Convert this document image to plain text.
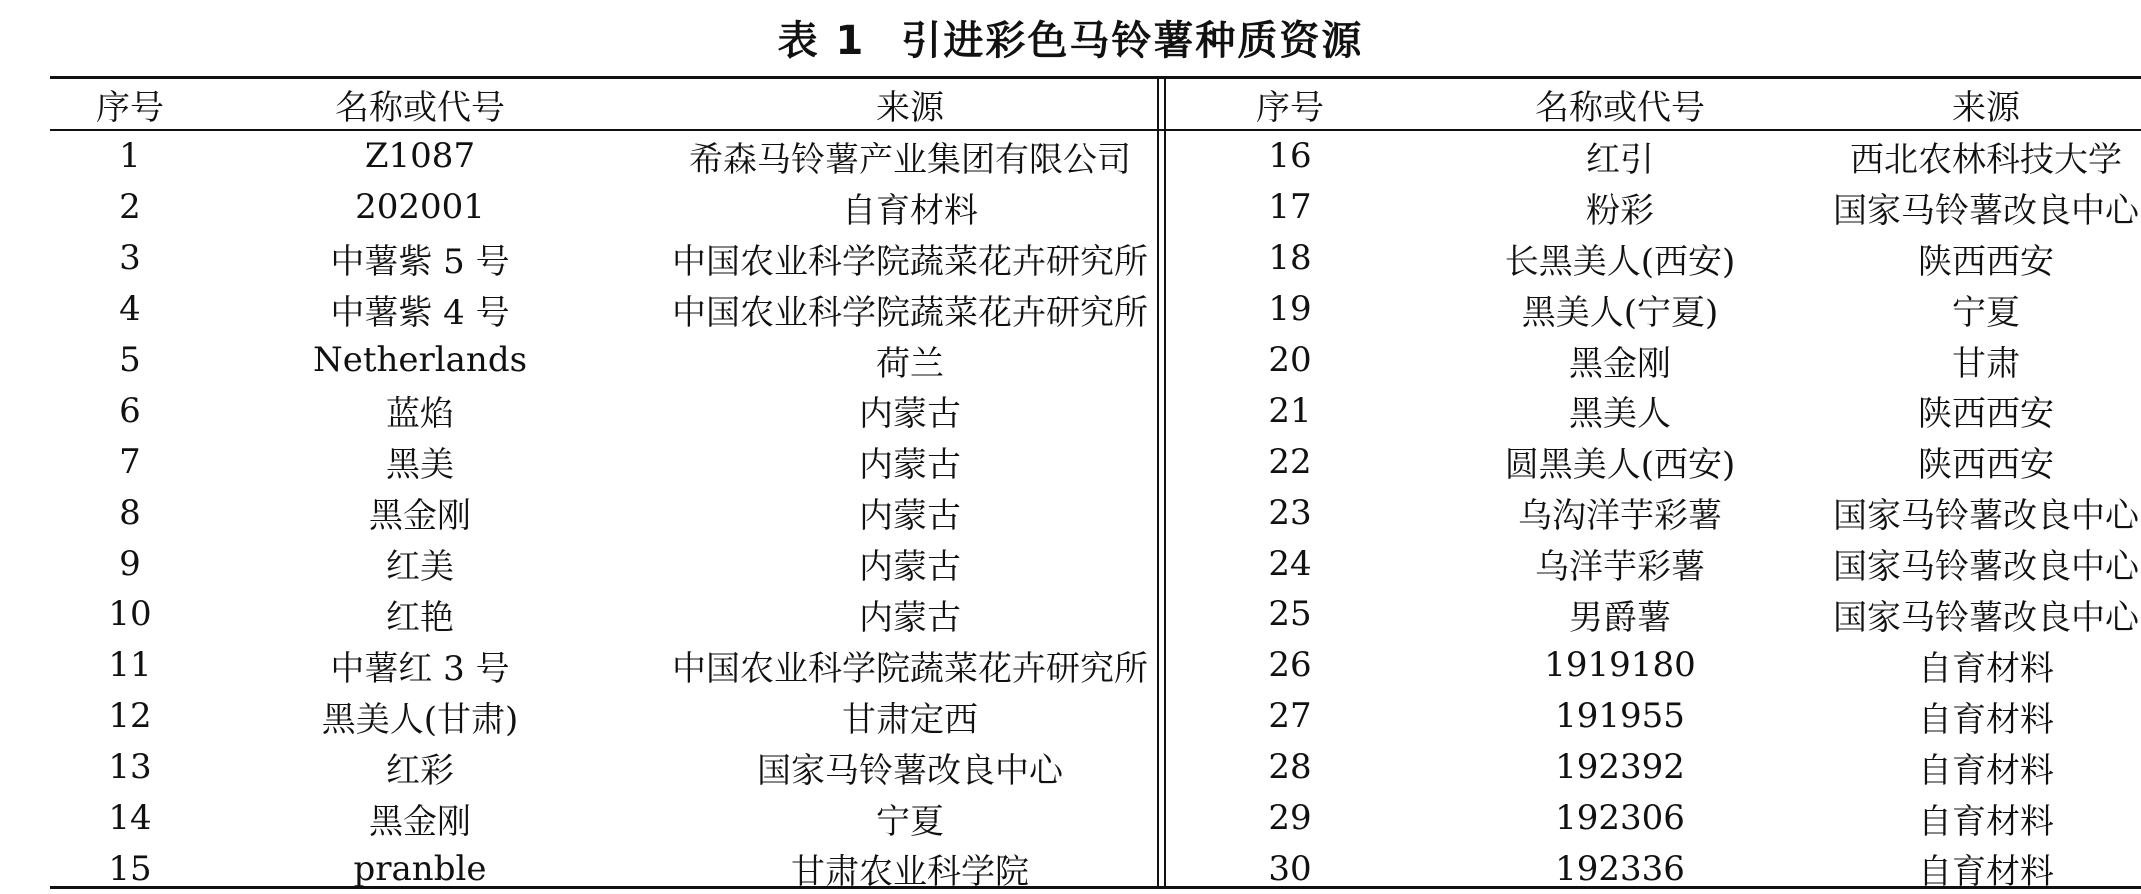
表 1 引进彩色马铃薯种质资源
序号	名称或代号	来源	序号	名称或代号	来源
1	Z1087	希森马铃薯产业集团有限公司	16	红引	西北农林科技大学
2	202001	自育材料	17	粉彩	国家马铃薯改良中心
3	中薯紫 5 号	中国农业科学院蔬菜花卉研究所	18	长黑美人(西安)	陕西西安
4	中薯紫 4 号	中国农业科学院蔬菜花卉研究所	19	黑美人(宁夏)	宁夏
5	Netherlands	荷兰	20	黑金刚	甘肃
6	蓝焰	内蒙古	21	黑美人	陕西西安
7	黑美	内蒙古	22	圆黑美人(西安)	陕西西安
8	黑金刚	内蒙古	23	乌沟洋芋彩薯	国家马铃薯改良中心
9	红美	内蒙古	24	乌洋芋彩薯	国家马铃薯改良中心
10	红艳	内蒙古	25	男爵薯	国家马铃薯改良中心
11	中薯红 3 号	中国农业科学院蔬菜花卉研究所	26	1919180	自育材料
12	黑美人(甘肃)	甘肃定西	27	191955	自育材料
13	红彩	国家马铃薯改良中心	28	192392	自育材料
14	黑金刚	宁夏	29	192306	自育材料
15	pranble	甘肃农业科学院	30	192336	自育材料
